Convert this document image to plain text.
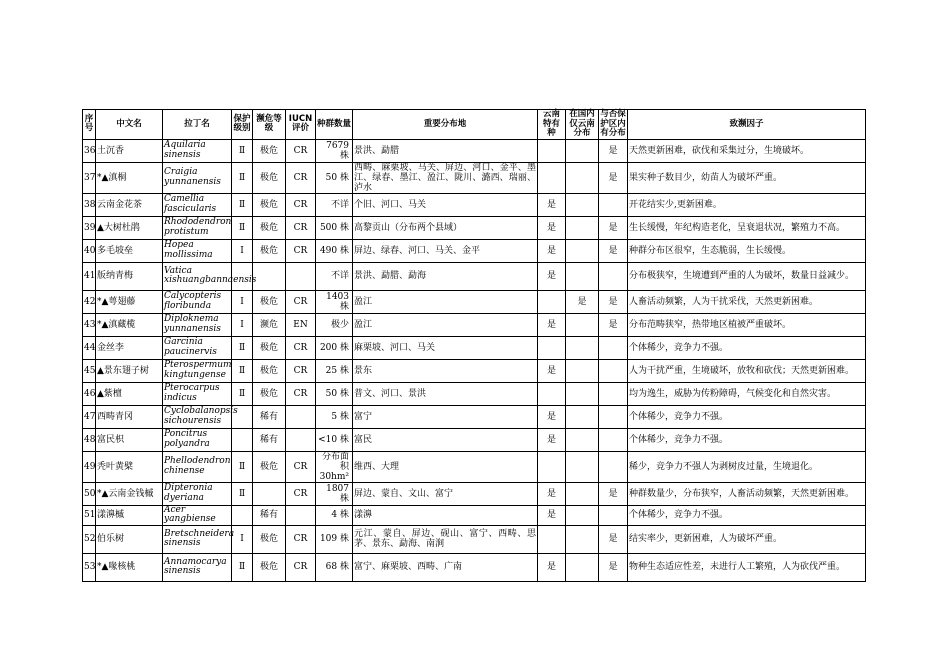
序号	中文名	拉丁名	保护级别	濒危等级	IUCN评价	种群数量	重要分布地	云南特有种	在国内仅云南分布	与否保护区内有分布	致濒因子
36	土沉香	Aquilaria sinensis	Ⅱ	极危	CR	7679 株	景洪、勐腊			是	天然更新困难，砍伐和采集过分，生境破坏。
37	*▲滇桐	Craigia yunnanensis	Ⅱ	极危	CR	50 株	西畴、麻栗坡、马关、屏边、河口、金平、墨江、绿春、墨江、盈江、陇川、潞西、瑞丽、泸水			是	果实种子数目少，幼苗人为破坏严重。
38	云南金花茶	Camellia fascicularis	Ⅱ	极危	CR	不详	个旧、河口、马关	是			开花结实少,更新困难。
39	▲大树杜鹃	Rhododendron protistum	Ⅱ	极危	CR	500 株	高黎贡山（分布两个县域）	是		是	生长缓慢，年纪构造老化，呈衰退状况，繁殖力不高。
40	多毛坡垒	Hopea mollissima	Ⅰ	极危	CR	490 株	屏边、绿春、河口、马关、金平	是		是	种群分布区很窄，生态脆弱，生长缓慢。
41	版纳青梅	Vatica xishuangbannaensis				不详	景洪、勐腊、勐海	是			分布极狭窄，生境遭到严重的人为破坏，数量日益减少。
42	*▲萼翅藤	Calycopteris floribunda	Ⅰ	极危	CR	1403 株	盈江		是	是	人畜活动频繁，人为干扰采伐，天然更新困难。
43	*▲滇藏榄	Diploknema yunnanensis	Ⅰ	濒危	EN	极少	盈江	是		是	分布范畴狭窄，热带地区植被严重破坏。
44	金丝李	Garcinia paucinervis	Ⅱ	极危	CR	200 株	麻栗坡、河口、马关				个体稀少，竞争力不强。
45	▲景东翅子树	Pterospermum kingtungense	Ⅱ	极危	CR	25 株	景东	是			人为干扰严重，生境破坏，放牧和砍伐；天然更新困难。
46	▲紫檀	Pterocarpus indicus	Ⅱ	极危	CR	50 株	普文、河口、景洪				均为逸生，威胁为传粉障碍，气候变化和自然灾害。
47	西畴青冈	Cyclobalanopsis sichourensis		稀有		5 株	富宁	是			个体稀少，竞争力不强。
48	富民枳	Poncitrus polyandra		稀有		<10 株	富民	是			个体稀少，竞争力不强。
49	秃叶黄檗	Phellodendron chinense	Ⅱ	极危	CR	分布面积 30hm²	维西、大理				稀少，竞争力不强人为剥树皮过量，生境退化。
50	*▲云南金钱槭	Dipteronia dyeriana	Ⅱ		CR	1807 株	屏边、蒙自、文山、富宁	是		是	种群数量少，分布狭窄，人畜活动频繁，天然更新困难。
51	漾濞槭	Acer yangbiense		稀有		4 株	漾濞	是			个体稀少，竞争力不强。
52	伯乐树	Bretschneidera sinensis	Ⅰ	极危	CR	109 株	元江、蒙自、屏边、砚山、富宁、西畴、思茅、景东、勐海、南涧			是	结实率少，更新困难，人为破坏严重。
53	*▲喙核桃	Annamocarya sinensis	Ⅱ	极危	CR	68 株	富宁、麻栗坡、西畴、广南	是		是	物种生态适应性差，未进行人工繁殖，人为砍伐严重。
